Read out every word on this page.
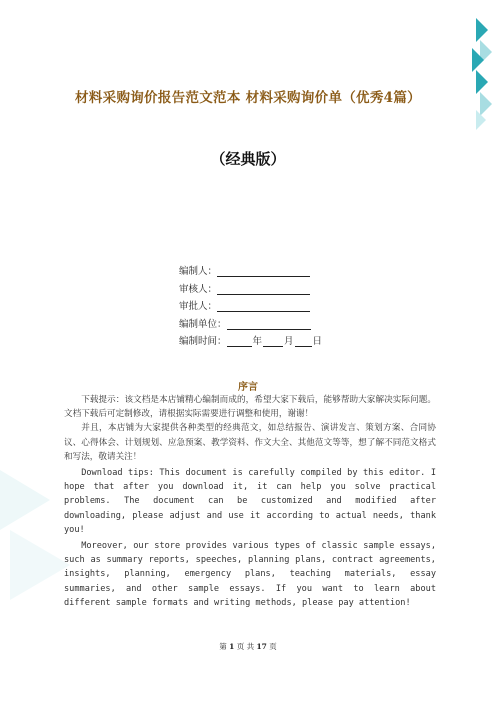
材料采购询价报告范文范本 材料采购询价单（优秀4篇）
（经典版）
编制人：
审核人：
审批人：
编制单位：
编制时间：	年 月 日
序言

下载提示：该文档是本店铺精心编制而成的，希望大家下载后，能够帮助大家解决实际问题。文档下载后可定制修改，请根据实际需要进行调整和使用，谢谢！

并且，本店铺为大家提供各种类型的经典范文，如总结报告、演讲发言、策划方案、合同协议、心得体会、计划规划、应急预案、教学资料、作文大全、其他范文等等，想了解不同范文格式和写法，敬请关注！

Download tips: This document is carefully compiled by this editor. I hope that after you download it, it can help you solve practical problems. The document can be customized and modified after downloading, please adjust and use it according to actual needs, thank you!

Moreover, our store provides various types of classic sample essays, such as summary reports, speeches, planning plans, contract agreements, insights, planning, emergency plans, teaching materials, essay summaries, and other sample essays. If you want to learn about different sample formats and writing methods, please pay attention!

第 1 页 共 17 页
